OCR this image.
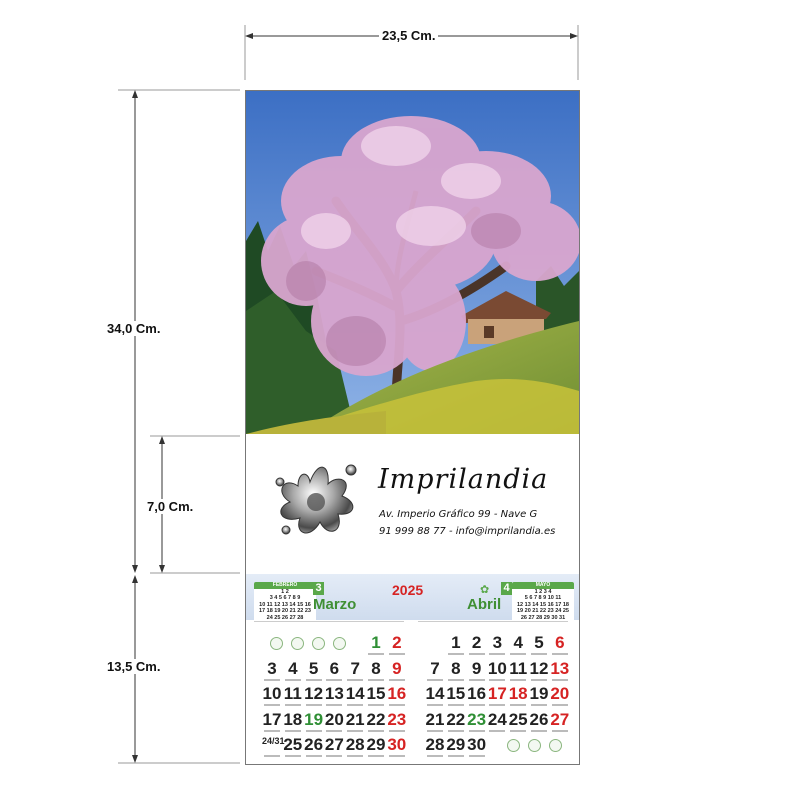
23,5 Cm.
34,0 Cm.
7,0 Cm.
13,5 Cm.
Imprilandia
Av. Imperio Gráfico 99 - Nave G
91 999 88 77 - info@imprilandia.es
FEBRERO
1 2
3 4 5 6 7 8 9
10 11 12 13 14 15 16
17 18 19 20 21 22 23
24 25 26 27 28
MAYO
1 2 3 4
5 6 7 8 9 10 11
12 13 14 15 16 17 18
19 20 21 22 23 24 25
26 27 28 29 30 31
3
Marzo
2025	✿ 4
Abril
1 2
3 4 5 6 7 8 9
10 11 12 13 14 15 16
17 18 19 20 21 22 23
24/31
25 26 27 28 29 30
1 2 3 4 5 6
7 8 9 10 11 12 13
14 15 16 17 18 19 20
21 22 23 24 25 26 27
28 29 30
